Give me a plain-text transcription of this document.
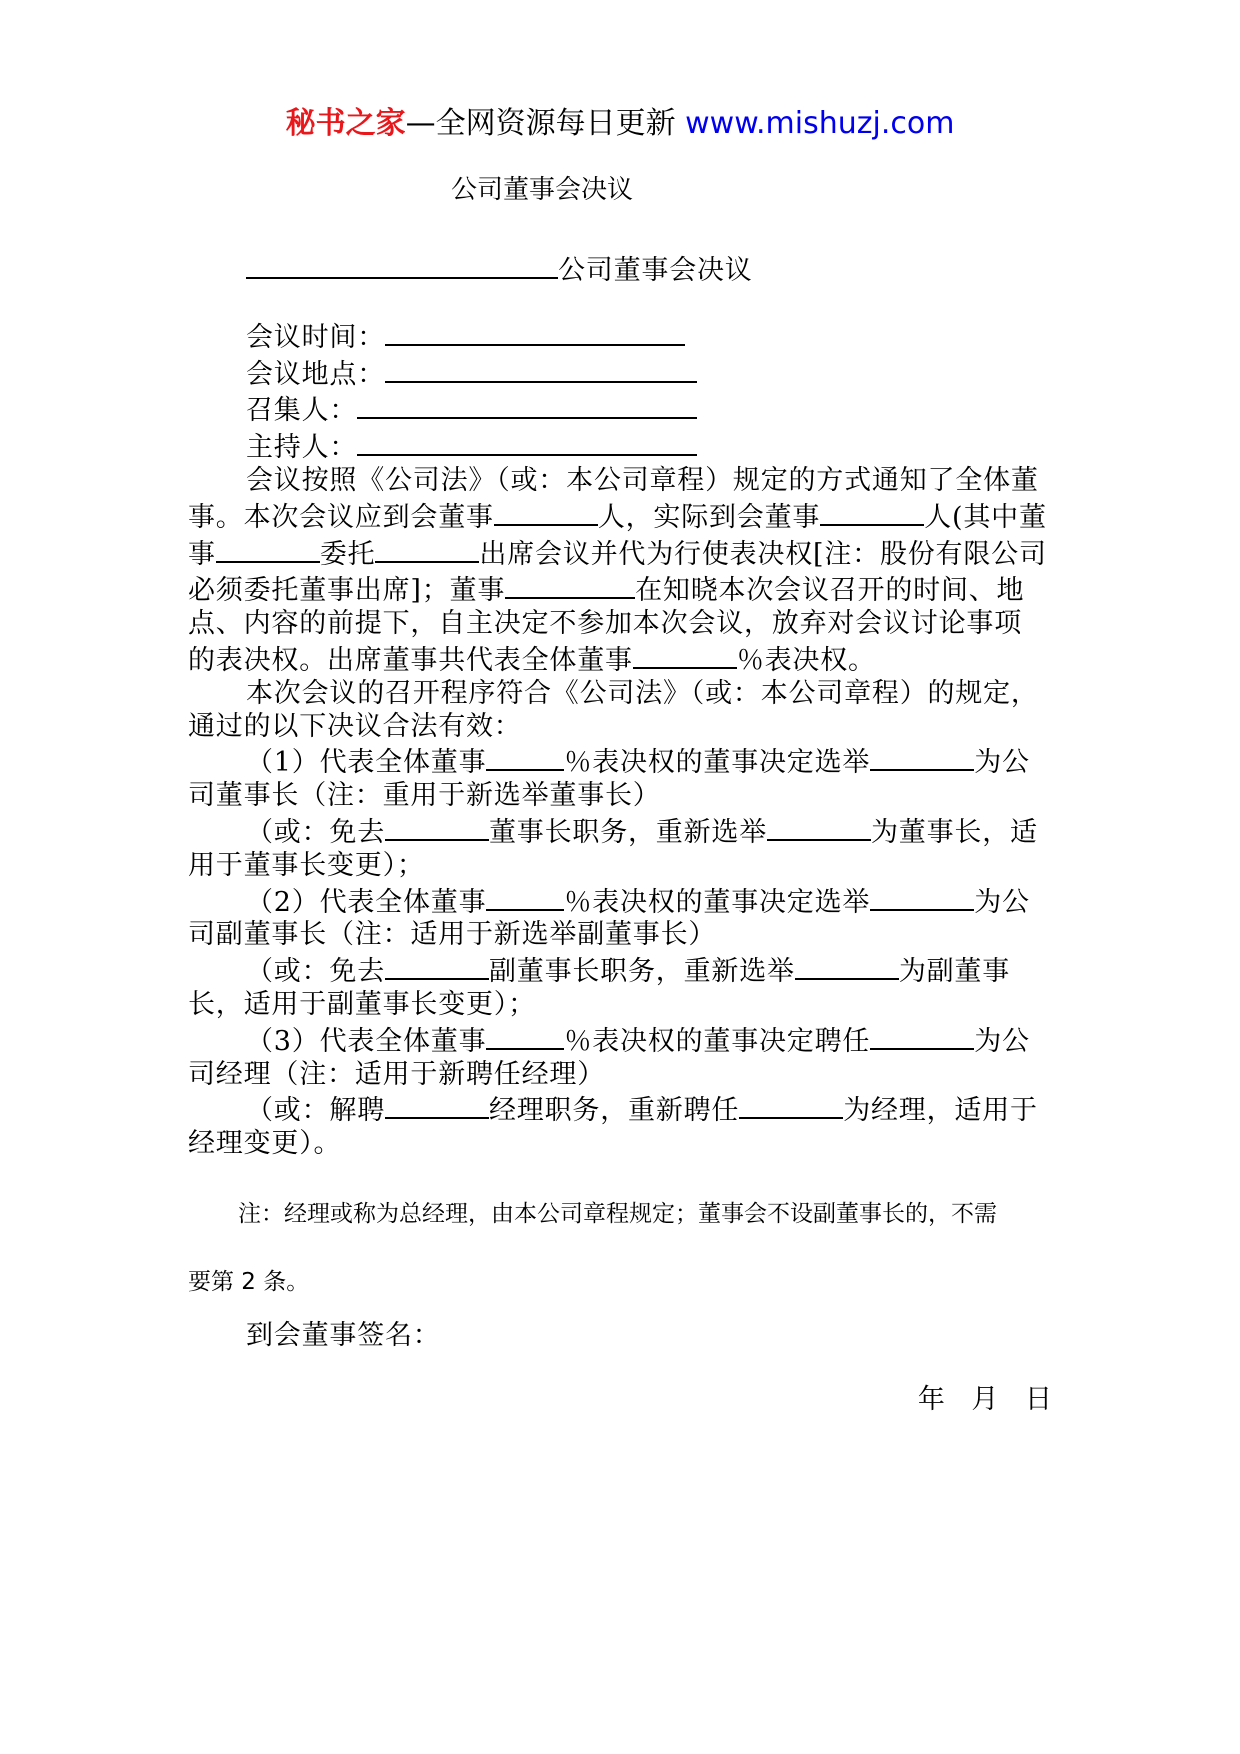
秘书之家—全网资源每日更新 www.mishuzj.com
公司董事会决议

公司董事会决议

会议时间：

会议地点：

召集人：

主持人：

会议按照《公司法》（或：本公司章程）规定的方式通知了全体董事。本次会议应到会董事	人，实际到会董事	人(其中董事	委托	出席会议并代为行使表决权[注：股份有限公司必须委托董事出席]；董事	在知晓本次会议召开的时间、地点、内容的前提下，自主决定不参加本次会议，放弃对会议讨论事项的表决权。出席董事共代表全体董事	％表决权。

本次会议的召开程序符合《公司法》（或：本公司章程）的规定，通过的以下决议合法有效：

（1）代表全体董事	％表决权的董事决定选举	为公司董事长（注：重用于新选举董事长）

（或：免去	董事长职务，重新选举	为董事长，适用于董事长变更）；

（2）代表全体董事	％表决权的董事决定选举	为公司副董事长（注：适用于新选举副董事长）

（或：免去	副董事长职务，重新选举	为副董事长，适用于副董事长变更）；

（3）代表全体董事	％表决权的董事决定聘任	为公司经理（注：适用于新聘任经理）

（或：解聘	经理职务，重新聘任	为经理，适用于经理变更）。

注：经理或称为总经理，由本公司章程规定；董事会不设副董事长的，不需
要第 2 条。
到会董事签名：
年 月 日
